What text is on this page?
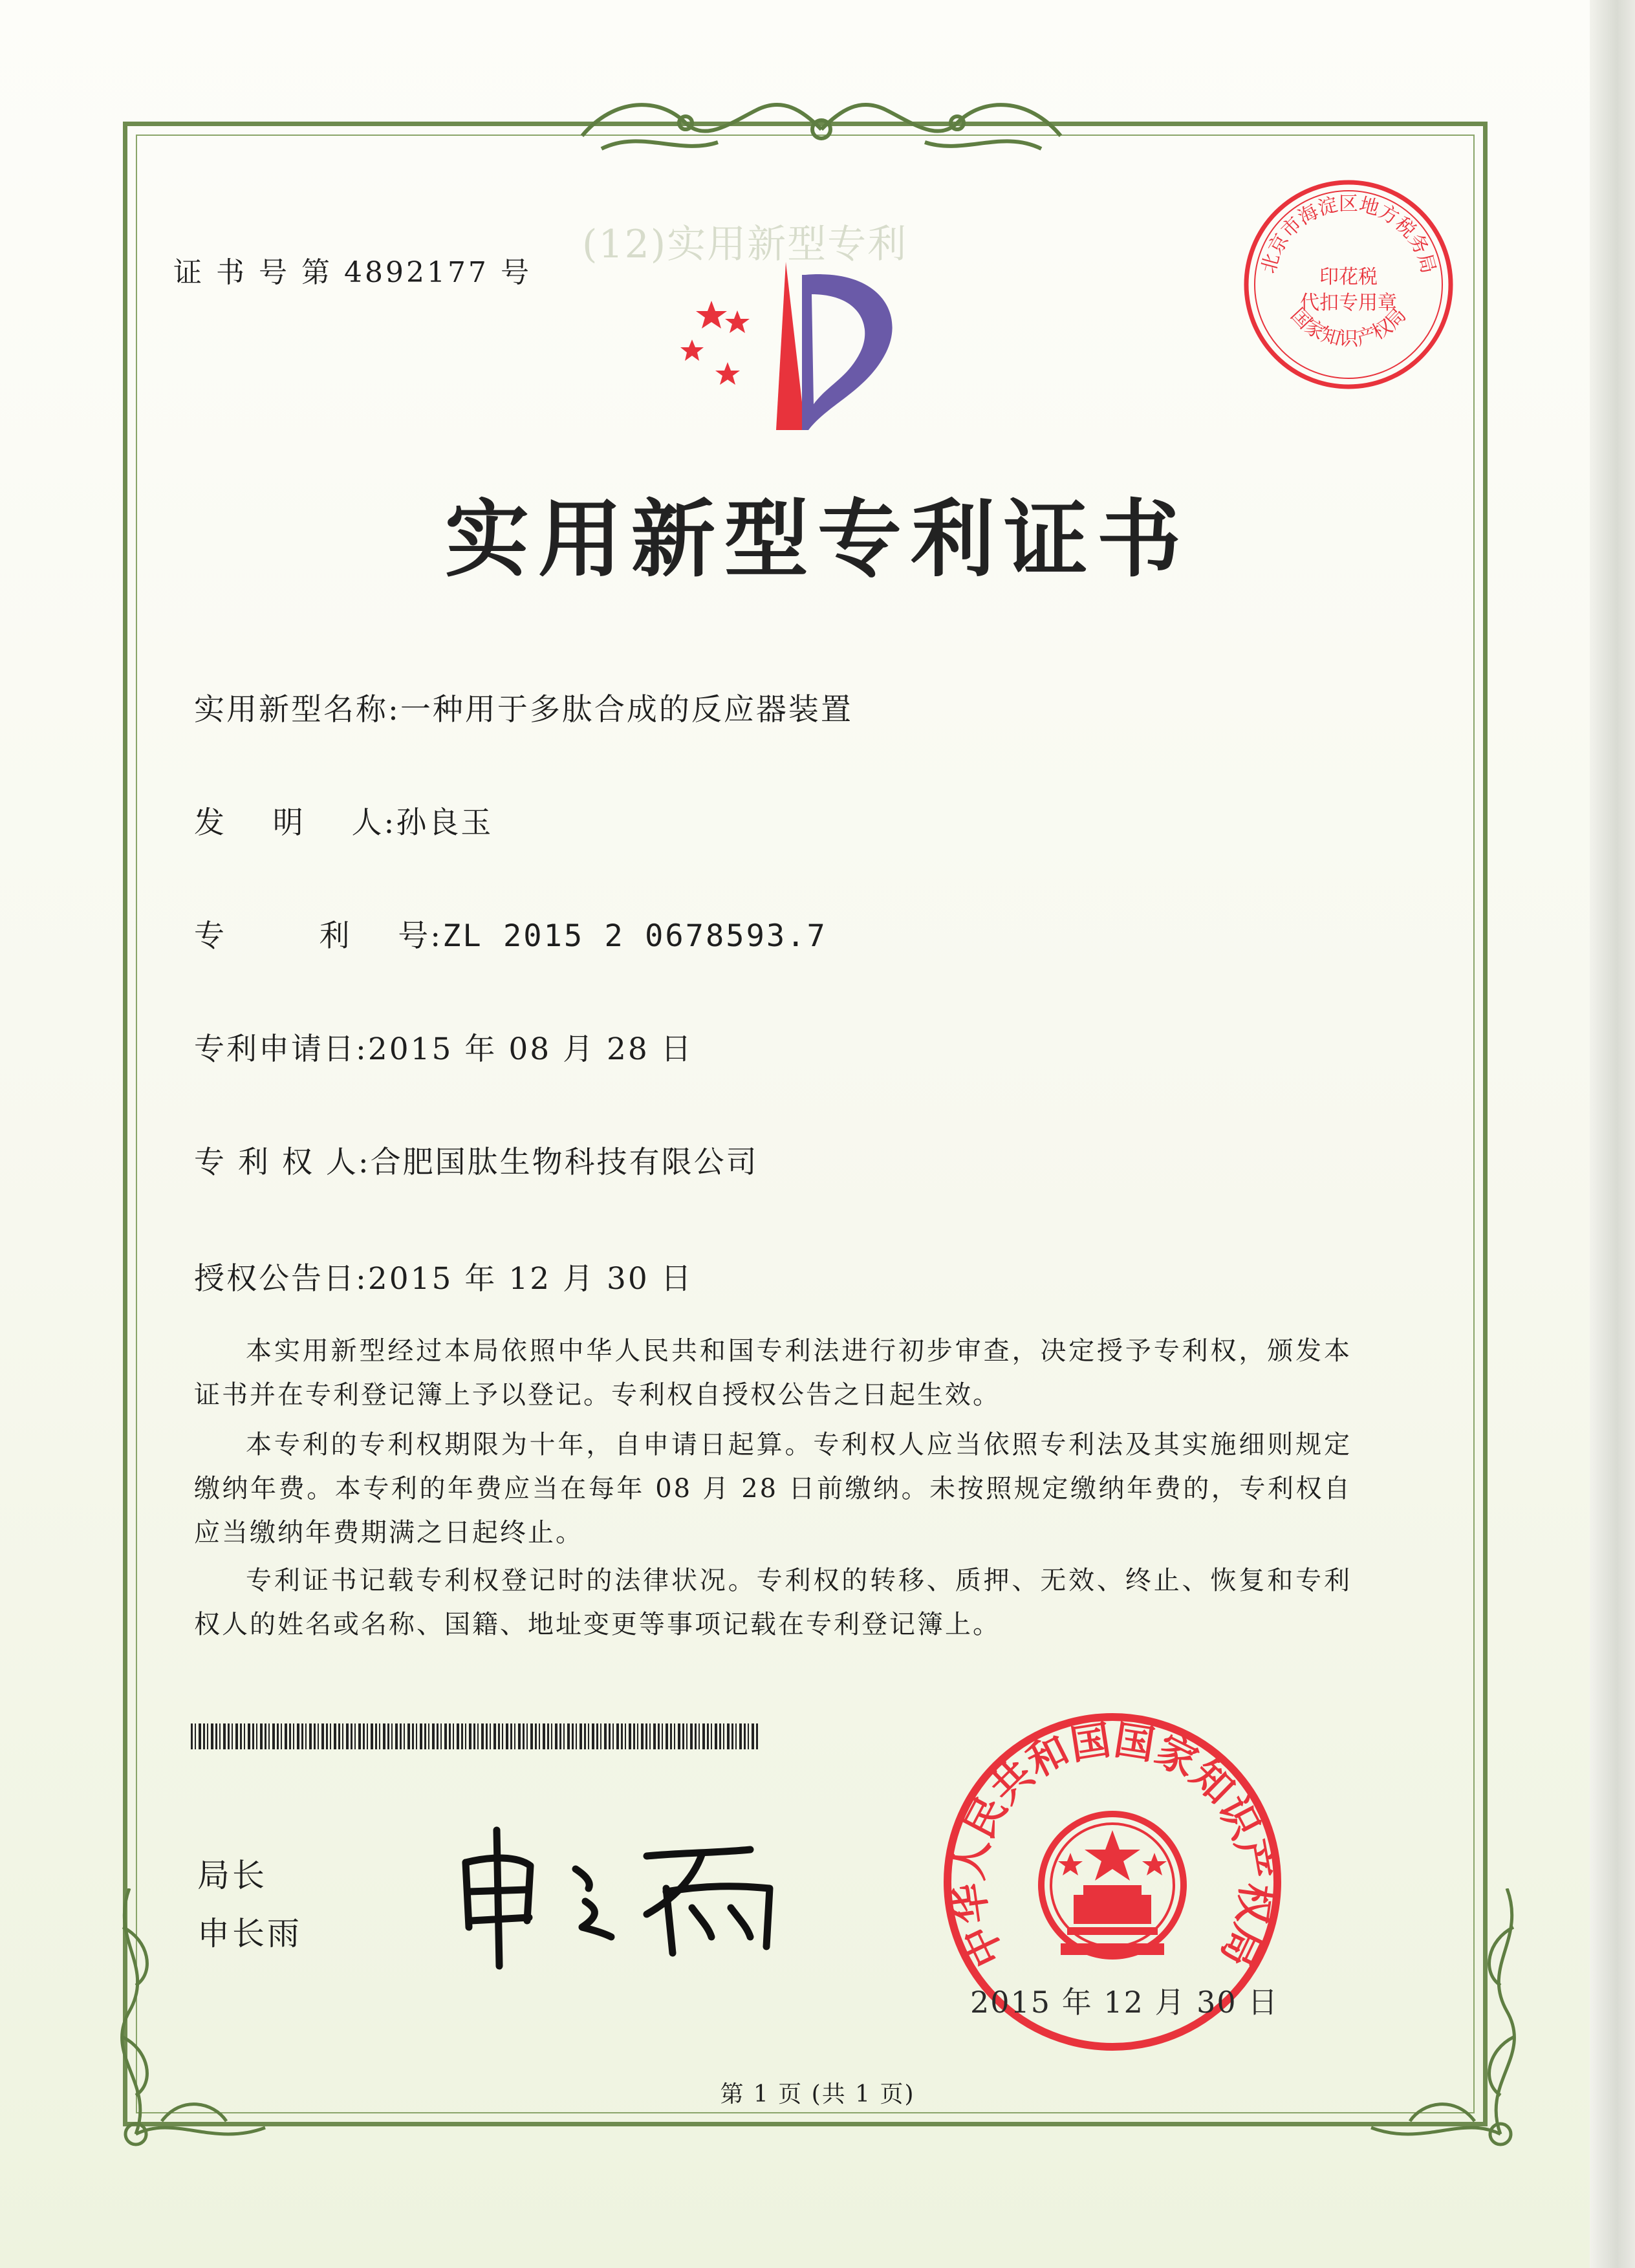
(12)实用新型专利
证 书 号 第 4892177 号	北京市海淀区地方税务局
国家知识产权局
印花税
代扣专用章
实用新型专利证书
实用新型名称:一种用于多肽合成的反应器装置
发    明    人:孙良玉
专        利    号:ZL 2015 2 0678593.7
专利申请日:2015 年 08 月 28 日
专 利 权 人:合肥国肽生物科技有限公司
授权公告日:2015 年 12 月 30 日
本实用新型经过本局依照中华人民共和国专利法进行初步审查，决定授予专利权，颁发本证书并在专利登记簿上予以登记。专利权自授权公告之日起生效。
本专利的专利权期限为十年，自申请日起算。专利权人应当依照专利法及其实施细则规定缴纳年费。本专利的年费应当在每年 08 月 28 日前缴纳。未按照规定缴纳年费的，专利权自应当缴纳年费期满之日起终止。
专利证书记载专利权登记时的法律状况。专利权的转移、质押、无效、终止、恢复和专利权人的姓名或名称、国籍、地址变更等事项记载在专利登记簿上。
局长
申长雨	中华人民共和国国家知识产权局
2015 年 12 月 30 日
第 1 页 (共 1 页)
